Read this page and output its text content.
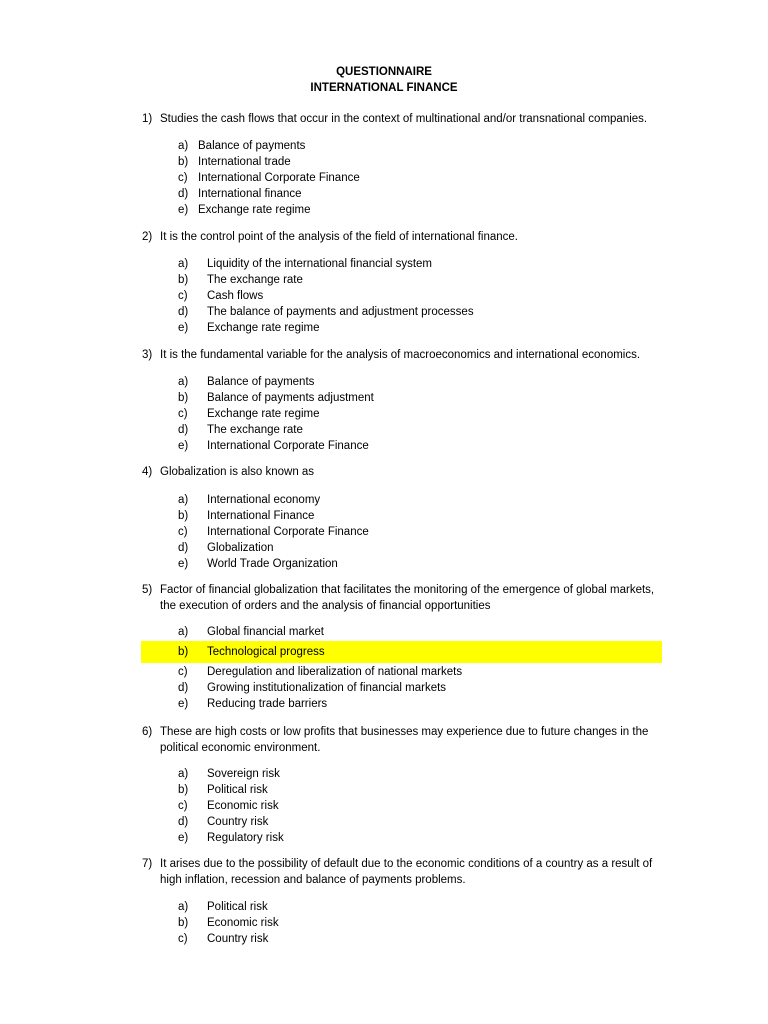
QUESTIONNAIRE
INTERNATIONAL FINANCE
1) Studies the cash flows that occur in the context of multinational and/or transnational companies.
a) Balance of payments
b) International trade
c) International Corporate Finance
d) International finance
e) Exchange rate regime
2) It is the control point of the analysis of the field of international finance.
a) Liquidity of the international financial system
b) The exchange rate
c) Cash flows
d) The balance of payments and adjustment processes
e) Exchange rate regime
3) It is the fundamental variable for the analysis of macroeconomics and international economics.
a) Balance of payments
b) Balance of payments adjustment
c) Exchange rate regime
d) The exchange rate
e) International Corporate Finance
4) Globalization is also known as
a) International economy
b) International Finance
c) International Corporate Finance
d) Globalization
e) World Trade Organization
5) Factor of financial globalization that facilitates the monitoring of the emergence of global markets, the execution of orders and the analysis of financial opportunities
a) Global financial market
b) Technological progress
c) Deregulation and liberalization of national markets
d) Growing institutionalization of financial markets
e) Reducing trade barriers
6) These are high costs or low profits that businesses may experience due to future changes in the political economic environment.
a) Sovereign risk
b) Political risk
c) Economic risk
d) Country risk
e) Regulatory risk
7) It arises due to the possibility of default due to the economic conditions of a country as a result of high inflation, recession and balance of payments problems.
a) Political risk
b) Economic risk
c) Country risk
